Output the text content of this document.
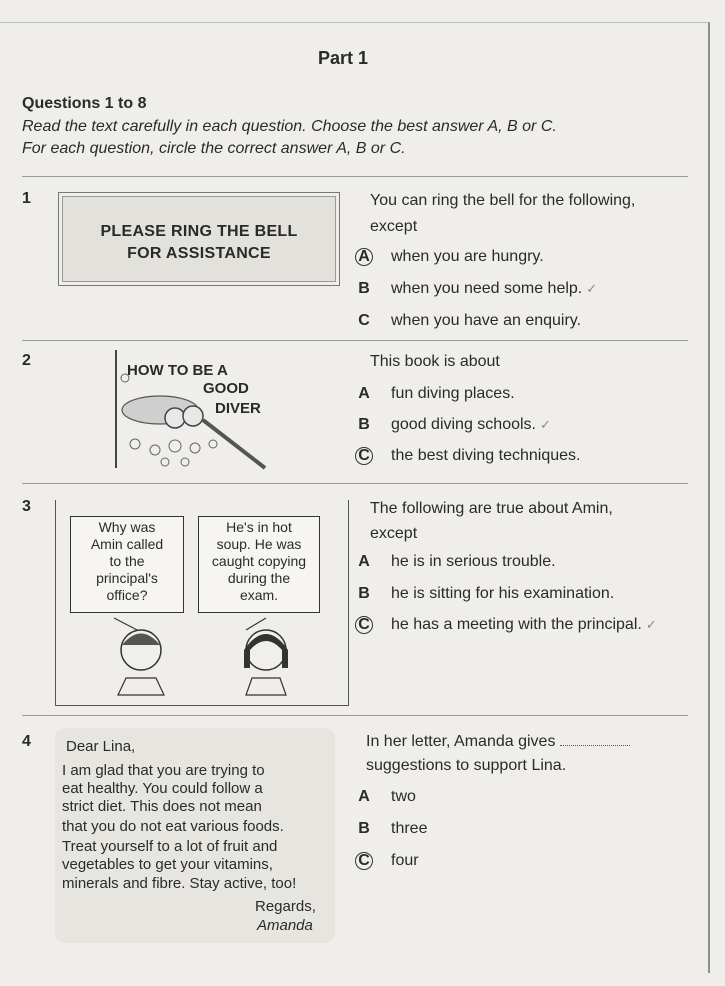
Part 1
Questions 1 to 8
Read the text carefully in each question. Choose the best answer A, B or C.
For each question, circle the correct answer A, B or C.
1
PLEASE RING THE BELL
FOR ASSISTANCE
You can ring the bell for the following,
except
A when you are hungry.
B when you need some help. ✓
C when you have an enquiry.
2
HOW TO BE A
GOOD
DIVER
This book is about
A fun diving places.
B good diving schools. ✓
C the best diving techniques.
3
Why was
Amin called
to the
principal's
office?
He's in hot
soup. He was
caught copying
during the
exam.
The following are true about Amin,
except
A he is in serious trouble.
B he is sitting for his examination.
C he has a meeting with the principal. ✓
4 Dear Lina,
I am glad that you are trying to
eat healthy. You could follow a
strict diet. This does not mean
that you do not eat various foods.
Treat yourself to a lot of fruit and
vegetables to get your vitamins,
minerals and fibre. Stay active, too!
Regards,
Amanda
In her letter, Amanda gives
suggestions to support Lina.
A two
B three
C four
